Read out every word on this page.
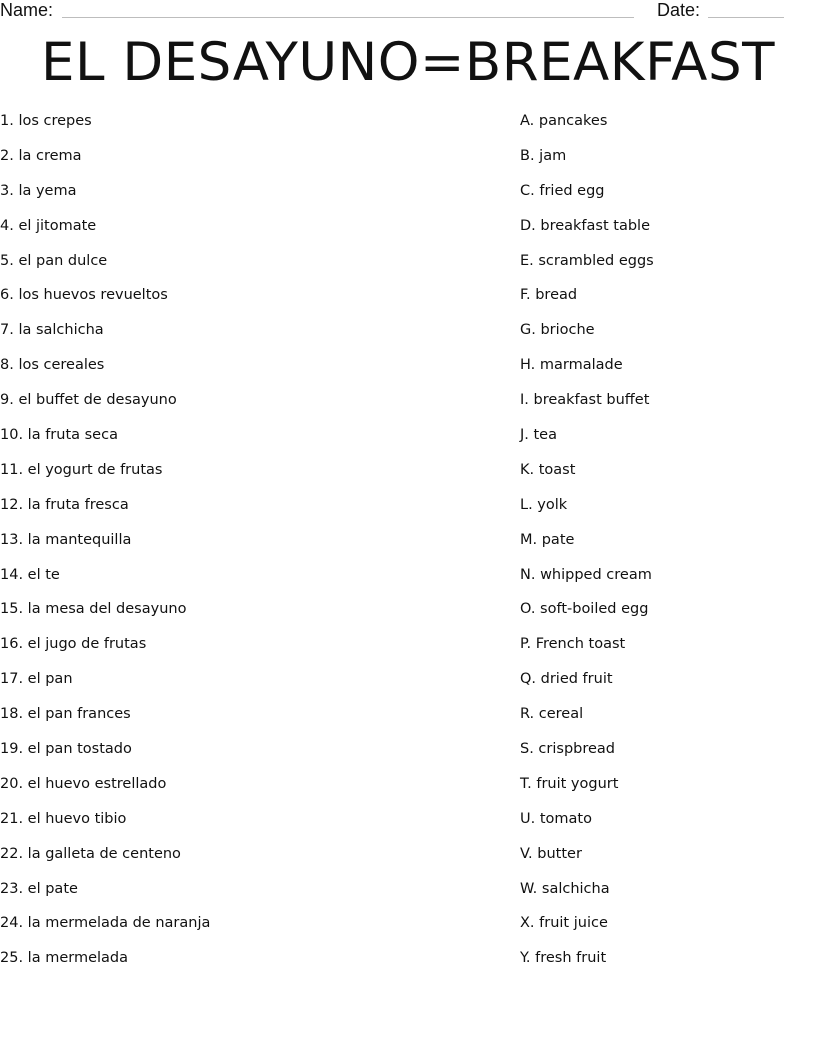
Name:	Date:
EL DESAYUNO=BREAKFAST
1. los crepes
2. la crema
3. la yema
4. el jitomate
5. el pan dulce
6. los huevos revueltos
7. la salchicha
8. los cereales
9. el buffet de desayuno
10. la fruta seca
11. el yogurt de frutas
12. la fruta fresca
13. la mantequilla
14. el te
15. la mesa del desayuno
16. el jugo de frutas
17. el pan
18. el pan frances
19. el pan tostado
20. el huevo estrellado
21. el huevo tibio
22. la galleta de centeno
23. el pate
24. la mermelada de naranja
25. la mermelada
A. pancakes
B. jam
C. fried egg
D. breakfast table
E. scrambled eggs
F. bread
G. brioche
H. marmalade
I. breakfast buffet
J. tea
K. toast
L. yolk
M. pate
N. whipped cream
O. soft-boiled egg
P. French toast
Q. dried fruit
R. cereal
S. crispbread
T. fruit yogurt
U. tomato
V. butter
W. salchicha
X. fruit juice
Y. fresh fruit
